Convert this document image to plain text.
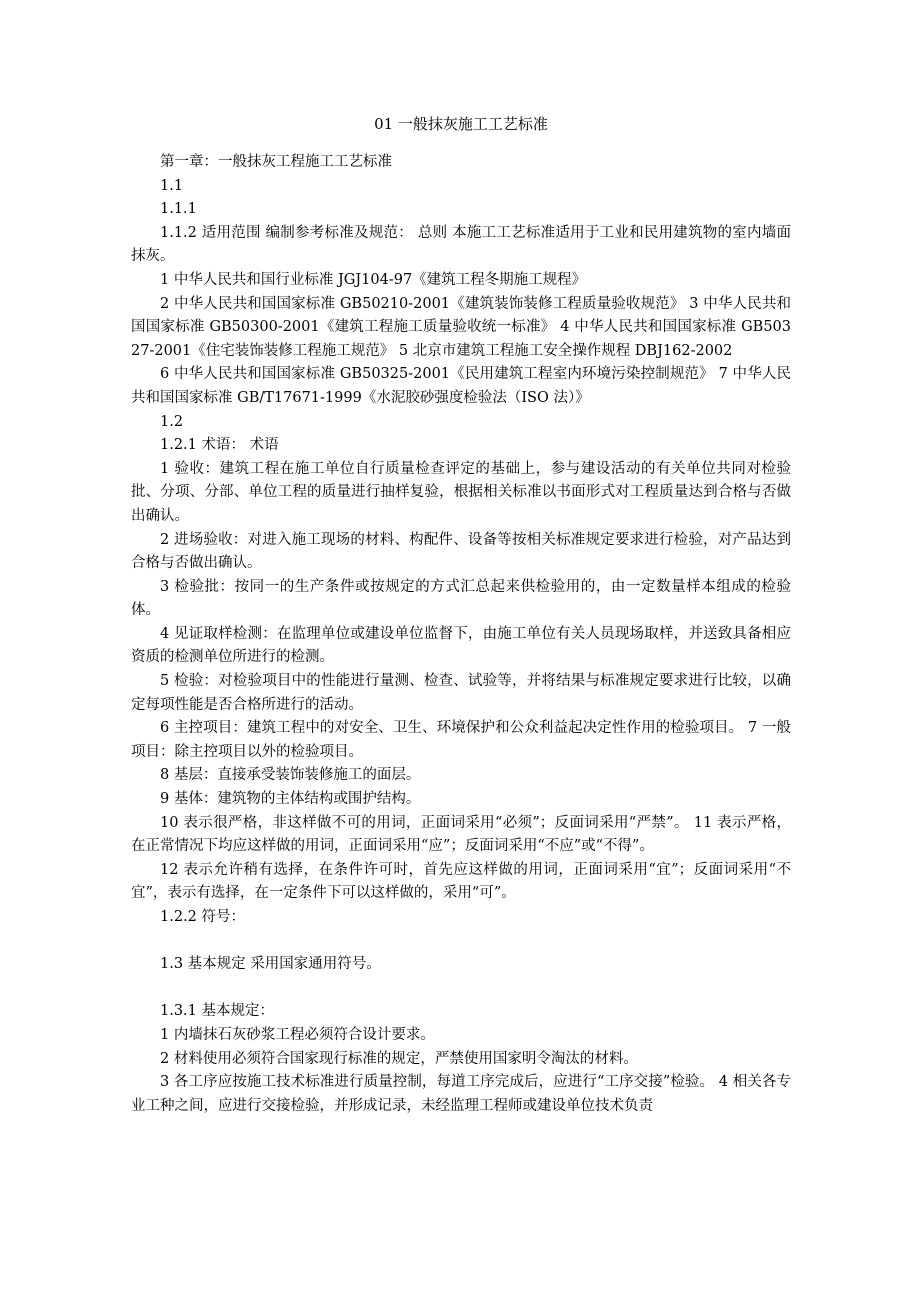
01 一般抹灰施工工艺标准

第一章：一般抹灰工程施工工艺标准

1.1

1.1.1

1.1.2 适用范围 编制参考标准及规范： 总则 本施工工艺标准适用于工业和民用建筑物的室内墙面抹灰。

1 中华人民共和国行业标准 JGJ104-97《建筑工程冬期施工规程》

2 中华人民共和国国家标准 GB50210-2001《建筑装饰装修工程质量验收规范》 3 中华人民共和国国家标准 GB50300-2001《建筑工程施工质量验收统一标准》 4 中华人民共和国国家标准 GB50327-2001《住宅装饰装修工程施工规范》 5 北京市建筑工程施工安全操作规程 DBJ162-2002

6 中华人民共和国国家标准 GB50325-2001《民用建筑工程室内环境污染控制规范》 7 中华人民共和国国家标准 GB/T17671-1999《水泥胶砂强度检验法（ISO 法）》

1.2

1.2.1 术语： 术语

1 验收：建筑工程在施工单位自行质量检查评定的基础上，参与建设活动的有关单位共同对检验批、分项、分部、单位工程的质量进行抽样复验，根据相关标准以书面形式对工程质量达到合格与否做出确认。

2 进场验收：对进入施工现场的材料、构配件、设备等按相关标准规定要求进行检验，对产品达到合格与否做出确认。

3 检验批：按同一的生产条件或按规定的方式汇总起来供检验用的，由一定数量样本组成的检验体。

4 见证取样检测：在监理单位或建设单位监督下，由施工单位有关人员现场取样，并送致具备相应资质的检测单位所进行的检测。

5 检验：对检验项目中的性能进行量测、检查、试验等，并将结果与标准规定要求进行比较，以确定每项性能是否合格所进行的活动。

6 主控项目：建筑工程中的对安全、卫生、环境保护和公众利益起决定性作用的检验项目。 7 一般项目：除主控项目以外的检验项目。

8 基层：直接承受装饰装修施工的面层。

9 基体：建筑物的主体结构或围护结构。

10 表示很严格，非这样做不可的用词，正面词采用“必须”；反面词采用“严禁”。 11 表示严格，在正常情况下均应这样做的用词，正面词采用“应”；反面词采用“不应”或“不得”。

12 表示允许稍有选择，在条件许可时，首先应这样做的用词，正面词采用“宜”；反面词采用“不宜”，表示有选择，在一定条件下可以这样做的，采用“可”。

1.2.2 符号：

1.3 基本规定 采用国家通用符号。

1.3.1 基本规定：

1 内墙抹石灰砂浆工程必须符合设计要求。

2 材料使用必须符合国家现行标准的规定，严禁使用国家明令淘汰的材料。

3 各工序应按施工技术标准进行质量控制，每道工序完成后，应进行“工序交接”检验。 4 相关各专业工种之间，应进行交接检验，并形成记录，未经监理工程师或建设单位技术负责
